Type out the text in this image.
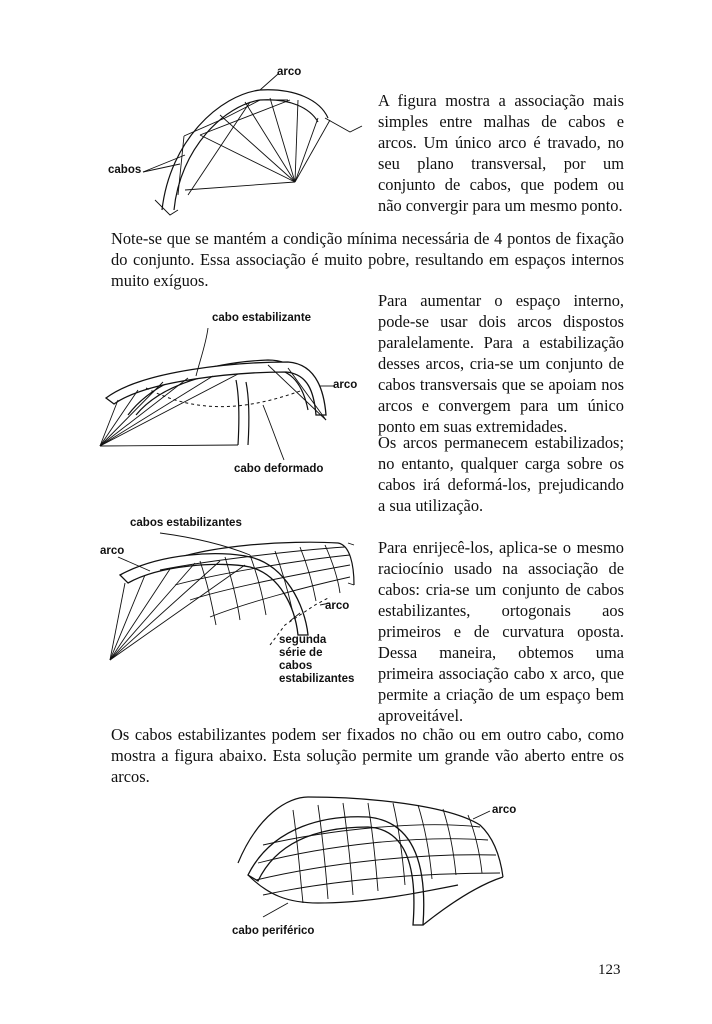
arco
cabos
A figura mostra a associação mais simples entre malhas de cabos e arcos. Um único arco é travado, no seu plano transversal, por um conjunto de cabos, que podem ou não convergir para um mesmo ponto.
Note-se que se mantém a condição mínima necessária de 4 pontos de fixação do conjunto. Essa associação é muito pobre, resultando em espaços internos muito exíguos.
cabo estabilizante
arco
cabo deformado
Para aumentar o espaço interno, pode-se usar dois arcos dispostos paralelamente. Para a estabilização desses arcos, cria-se um conjunto de cabos transversais que se apoiam nos arcos e convergem para um único ponto em suas extremidades.
Os arcos permanecem estabilizados; no entanto, qualquer carga sobre os cabos irá deformá-los, prejudicando a sua utilização.
cabos estabilizantes
arco
arco
segunda série de cabos estabilizantes
Para enrijecê-los, aplica-se o mesmo raciocínio usado na associação de cabos: cria-se um conjunto de cabos estabilizantes, ortogonais aos primeiros e de curvatura oposta. Dessa maneira, obtemos uma primeira associação cabo x arco, que permite a criação de um espaço bem aproveitável.
Os cabos estabilizantes podem ser fixados no chão ou em outro cabo, como mostra a figura abaixo. Esta solução permite um grande vão aberto entre os arcos.
arco
cabo periférico
123
